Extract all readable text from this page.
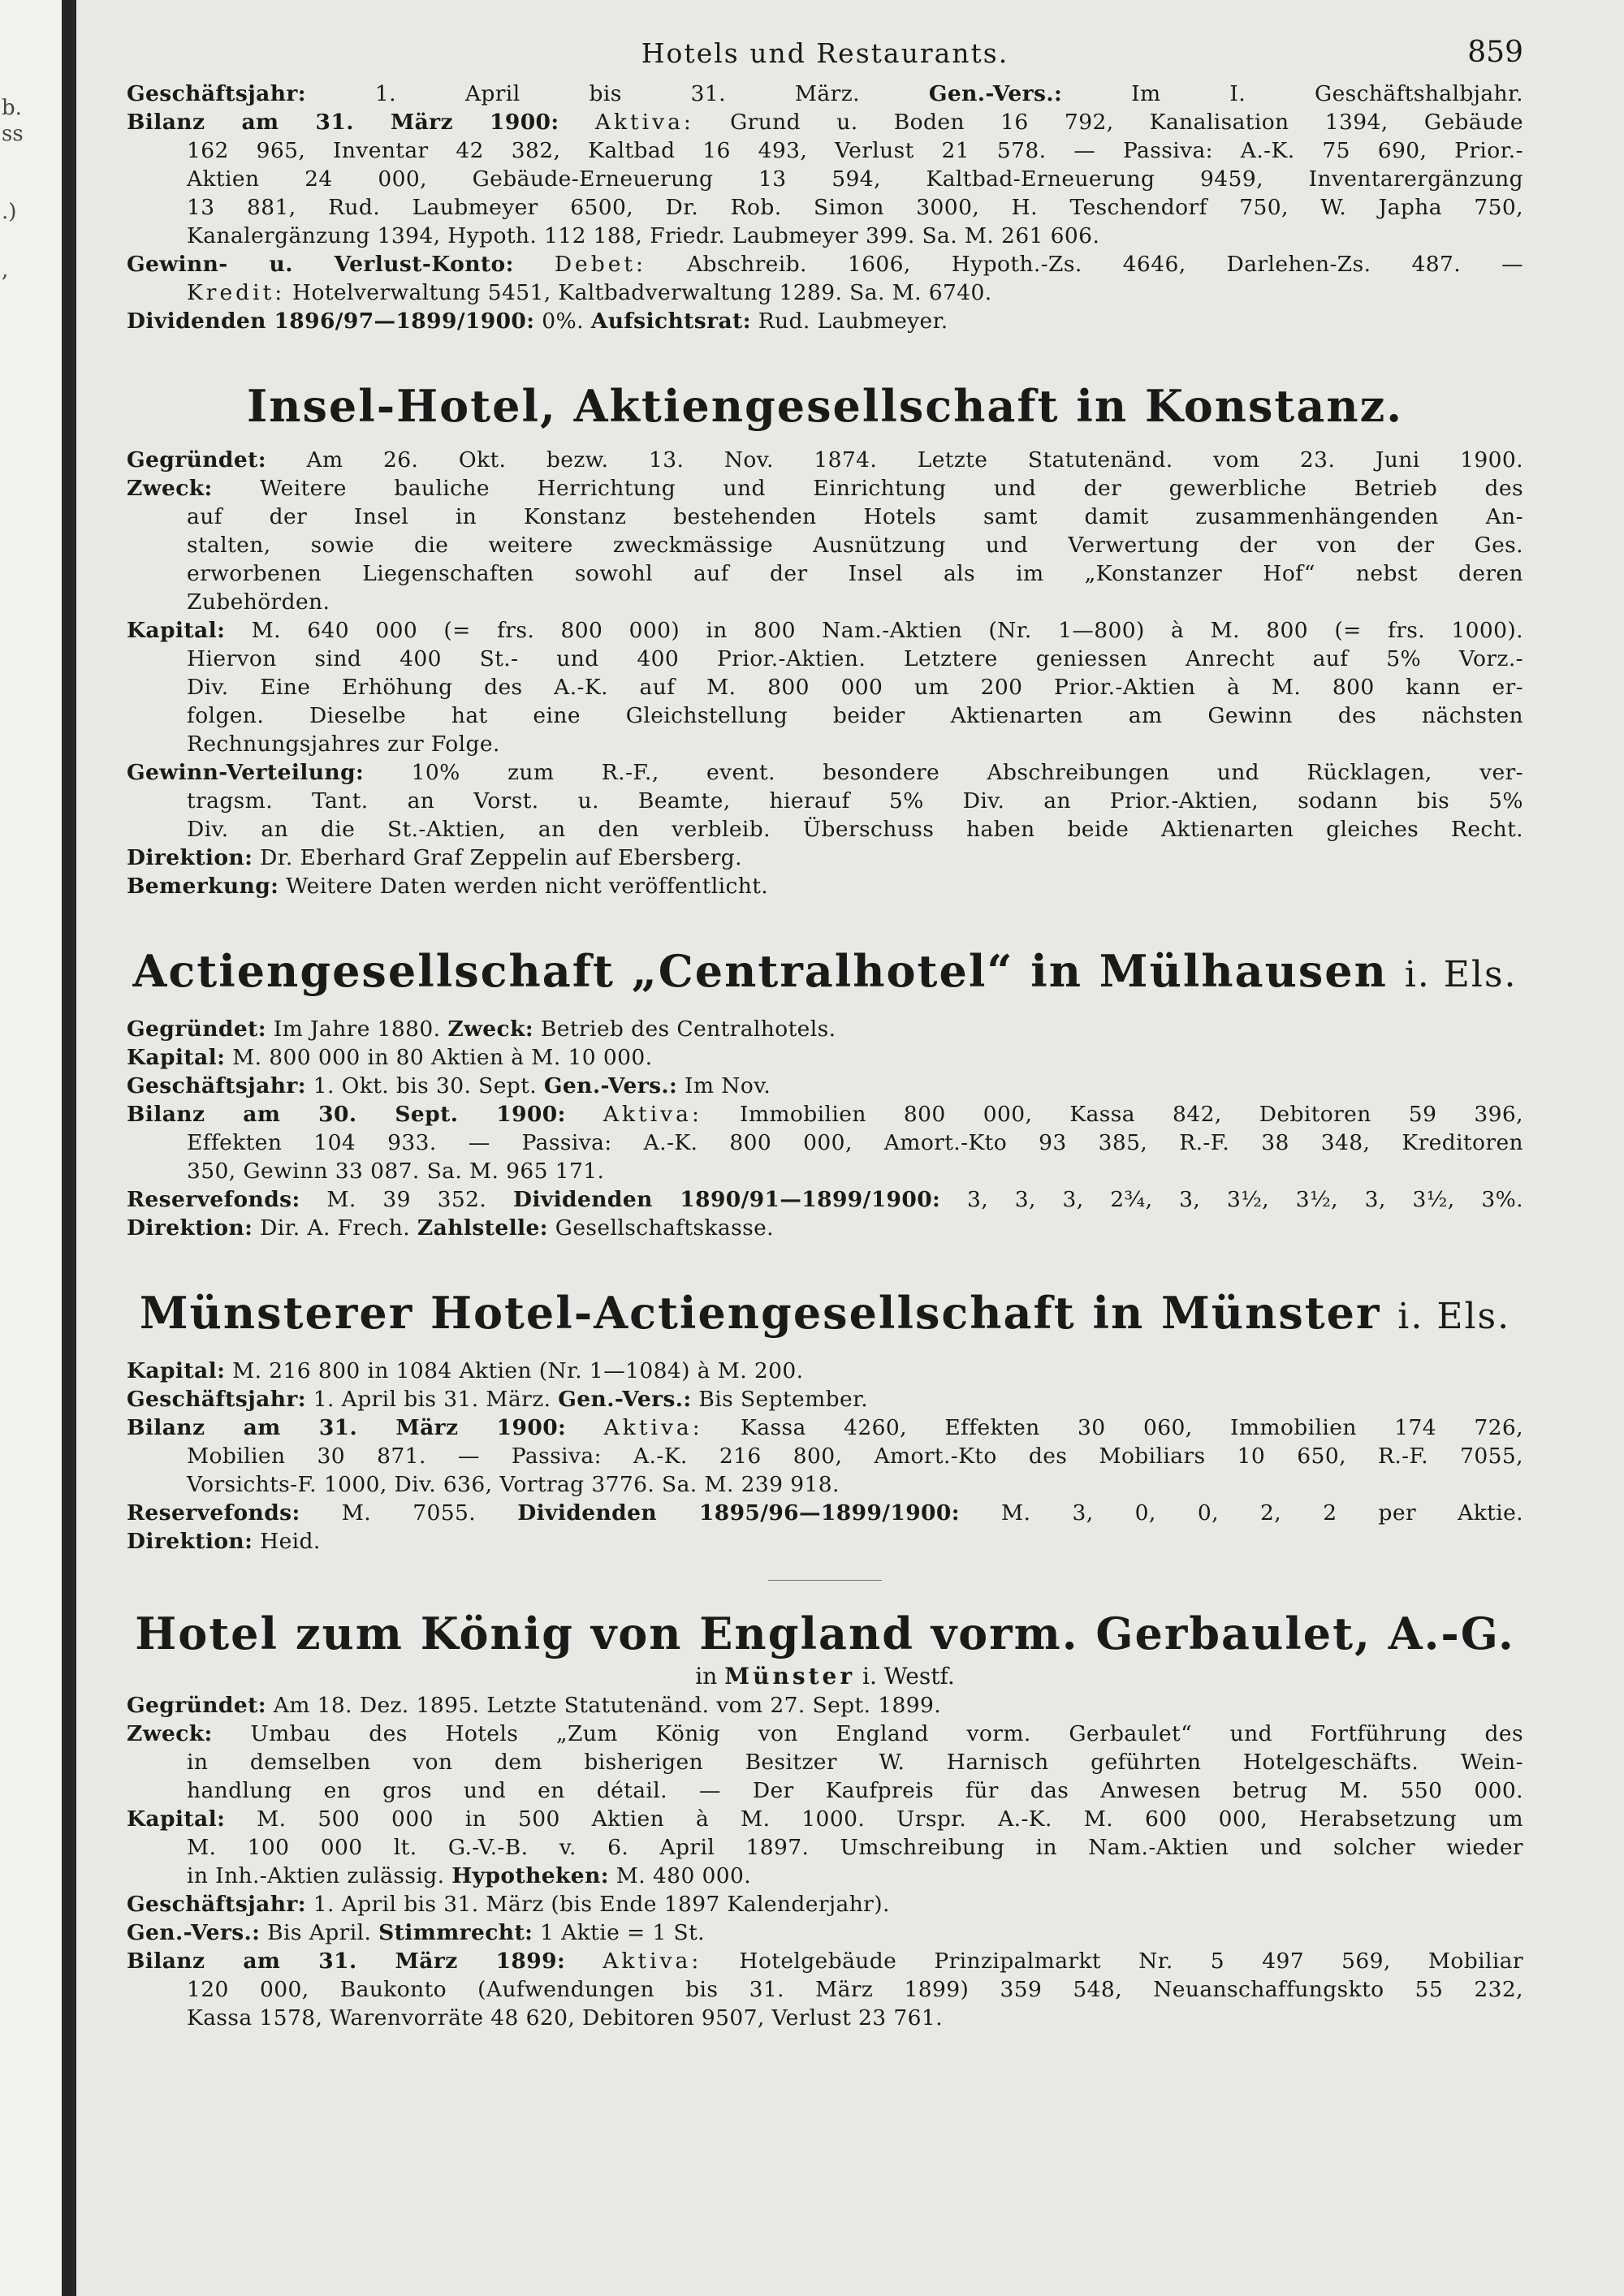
b.
ss
.)
,
Hotels und Restaurants.	859
Geschäftsjahr: 1. April bis 31. März. Gen.-Vers.: Im I. Geschäftshalbjahr.
Bilanz am 31. März 1900: Aktiva: Grund u. Boden 16 792, Kanalisation 1394, Gebäude
162 965, Inventar 42 382, Kaltbad 16 493, Verlust 21 578. — Passiva: A.-K. 75 690, Prior.-
Aktien 24 000, Gebäude-Erneuerung 13 594, Kaltbad-Erneuerung 9459, Inventarergänzung
13 881, Rud. Laubmeyer 6500, Dr. Rob. Simon 3000, H. Teschendorf 750, W. Japha 750,
Kanalergänzung 1394, Hypoth. 112 188, Friedr. Laubmeyer 399. Sa. M. 261 606.
Gewinn- u. Verlust-Konto: Debet: Abschreib. 1606, Hypoth.-Zs. 4646, Darlehen-Zs. 487. —
Kredit: Hotelverwaltung 5451, Kaltbadverwaltung 1289. Sa. M. 6740.
Dividenden 1896/97—1899/1900: 0%. Aufsichtsrat: Rud. Laubmeyer.
Insel-Hotel, Aktiengesellschaft in Konstanz.
Gegründet: Am 26. Okt. bezw. 13. Nov. 1874. Letzte Statutenänd. vom 23. Juni 1900.
Zweck: Weitere bauliche Herrichtung und Einrichtung und der gewerbliche Betrieb des
auf der Insel in Konstanz bestehenden Hotels samt damit zusammenhängenden An-
stalten, sowie die weitere zweckmässige Ausnützung und Verwertung der von der Ges.
erworbenen Liegenschaften sowohl auf der Insel als im „Konstanzer Hof“ nebst deren
Zubehörden.
Kapital: M. 640 000 (= frs. 800 000) in 800 Nam.-Aktien (Nr. 1—800) à M. 800 (= frs. 1000).
Hiervon sind 400 St.- und 400 Prior.-Aktien. Letztere geniessen Anrecht auf 5% Vorz.-
Div. Eine Erhöhung des A.-K. auf M. 800 000 um 200 Prior.-Aktien à M. 800 kann er-
folgen. Dieselbe hat eine Gleichstellung beider Aktienarten am Gewinn des nächsten
Rechnungsjahres zur Folge.
Gewinn-Verteilung: 10% zum R.-F., event. besondere Abschreibungen und Rücklagen, ver-
tragsm. Tant. an Vorst. u. Beamte, hierauf 5% Div. an Prior.-Aktien, sodann bis 5%
Div. an die St.-Aktien, an den verbleib. Überschuss haben beide Aktienarten gleiches Recht.
Direktion: Dr. Eberhard Graf Zeppelin auf Ebersberg.
Bemerkung: Weitere Daten werden nicht veröffentlicht.
Actiengesellschaft „Centralhotel“ in Mülhausen i. Els.
Gegründet: Im Jahre 1880. Zweck: Betrieb des Centralhotels.
Kapital: M. 800 000 in 80 Aktien à M. 10 000.
Geschäftsjahr: 1. Okt. bis 30. Sept. Gen.-Vers.: Im Nov.
Bilanz am 30. Sept. 1900: Aktiva: Immobilien 800 000, Kassa 842, Debitoren 59 396,
Effekten 104 933. — Passiva: A.-K. 800 000, Amort.-Kto 93 385, R.-F. 38 348, Kreditoren
350, Gewinn 33 087. Sa. M. 965 171.
Reservefonds: M. 39 352. Dividenden 1890/91—1899/1900: 3, 3, 3, 2¾, 3, 3½, 3½, 3, 3½, 3%.
Direktion: Dir. A. Frech. Zahlstelle: Gesellschaftskasse.
Münsterer Hotel-Actiengesellschaft in Münster i. Els.
Kapital: M. 216 800 in 1084 Aktien (Nr. 1—1084) à M. 200.
Geschäftsjahr: 1. April bis 31. März. Gen.-Vers.: Bis September.
Bilanz am 31. März 1900: Aktiva: Kassa 4260, Effekten 30 060, Immobilien 174 726,
Mobilien 30 871. — Passiva: A.-K. 216 800, Amort.-Kto des Mobiliars 10 650, R.-F. 7055,
Vorsichts-F. 1000, Div. 636, Vortrag 3776. Sa. M. 239 918.
Reservefonds: M. 7055. Dividenden 1895/96—1899/1900: M. 3, 0, 0, 2, 2 per Aktie.
Direktion: Heid.
Hotel zum König von England vorm. Gerbaulet, A.-G.
in Münster i. Westf.
Gegründet: Am 18. Dez. 1895. Letzte Statutenänd. vom 27. Sept. 1899.
Zweck: Umbau des Hotels „Zum König von England vorm. Gerbaulet“ und Fortführung des
in demselben von dem bisherigen Besitzer W. Harnisch geführten Hotelgeschäfts. Wein-
handlung en gros und en détail. — Der Kaufpreis für das Anwesen betrug M. 550 000.
Kapital: M. 500 000 in 500 Aktien à M. 1000. Urspr. A.-K. M. 600 000, Herabsetzung um
M. 100 000 lt. G.-V.-B. v. 6. April 1897. Umschreibung in Nam.-Aktien und solcher wieder
in Inh.-Aktien zulässig. Hypotheken: M. 480 000.
Geschäftsjahr: 1. April bis 31. März (bis Ende 1897 Kalenderjahr).
Gen.-Vers.: Bis April. Stimmrecht: 1 Aktie = 1 St.
Bilanz am 31. März 1899: Aktiva: Hotelgebäude Prinzipalmarkt Nr. 5 497 569, Mobiliar
120 000, Baukonto (Aufwendungen bis 31. März 1899) 359 548, Neuanschaffungskto 55 232,
Kassa 1578, Warenvorräte 48 620, Debitoren 9507, Verlust 23 761.
